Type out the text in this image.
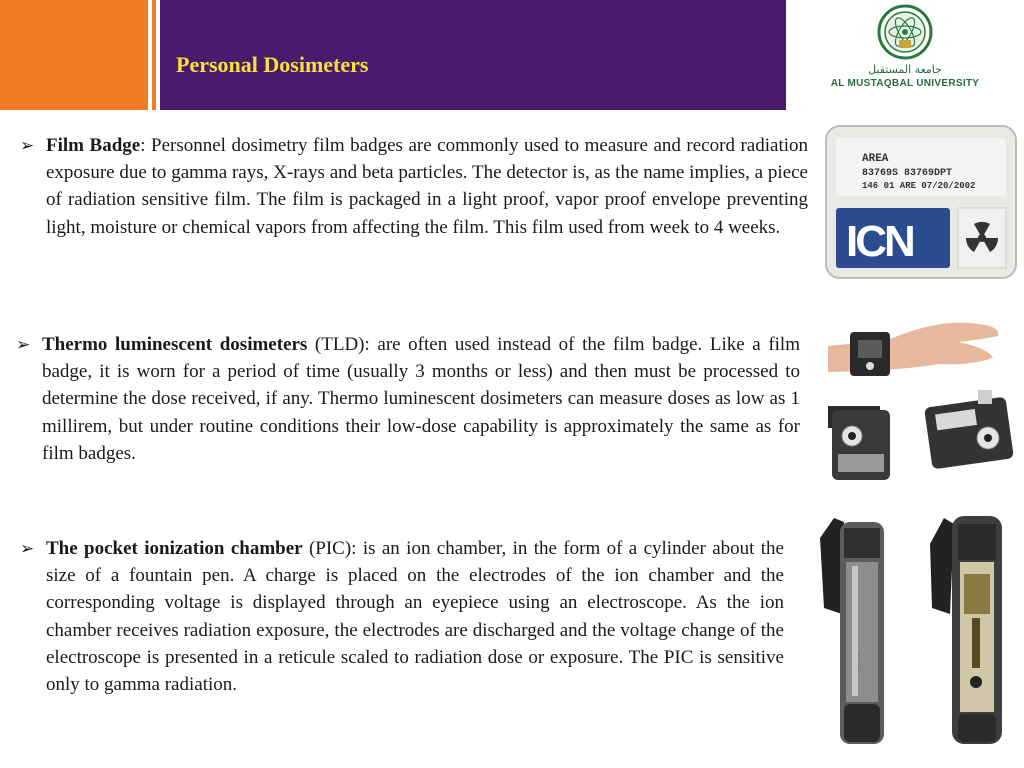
Personal Dosimeters	جامعة المستقبل
AL MUSTAQBAL UNIVERSITY
➢ Film Badge: Personnel dosimetry film badges are commonly used to measure and record radiation exposure due to gamma rays, X-rays and beta particles. The detector is, as the name implies, a piece of radiation sensitive film. The film is packaged in a light proof, vapor proof envelope preventing light, moisture or chemical vapors from affecting the film. This film used from week to 4 weeks.
➢ Thermo luminescent dosimeters (TLD): are often used instead of the film badge. Like a film badge, it is worn for a period of time (usually 3 months or less) and then must be processed to determine the dose received, if any. Thermo luminescent dosimeters can measure doses as low as 1 millirem, but under routine conditions their low-dose capability is approximately the same as for film badges.
➢ The pocket ionization chamber (PIC): is an ion chamber, in the form of a cylinder about the size of a fountain pen. A charge is placed on the electrodes of the ion chamber and the corresponding voltage is displayed through an eyepiece using an electroscope. As the ion chamber receives radiation exposure, the electrodes are discharged and the voltage change of the electroscope is presented in a reticule scaled to radiation dose or exposure. The PIC is sensitive only to gamma radiation.
AREA
83769S 83769DPT
146 01 ARE 07/20/2002
ICN
· · · ·
